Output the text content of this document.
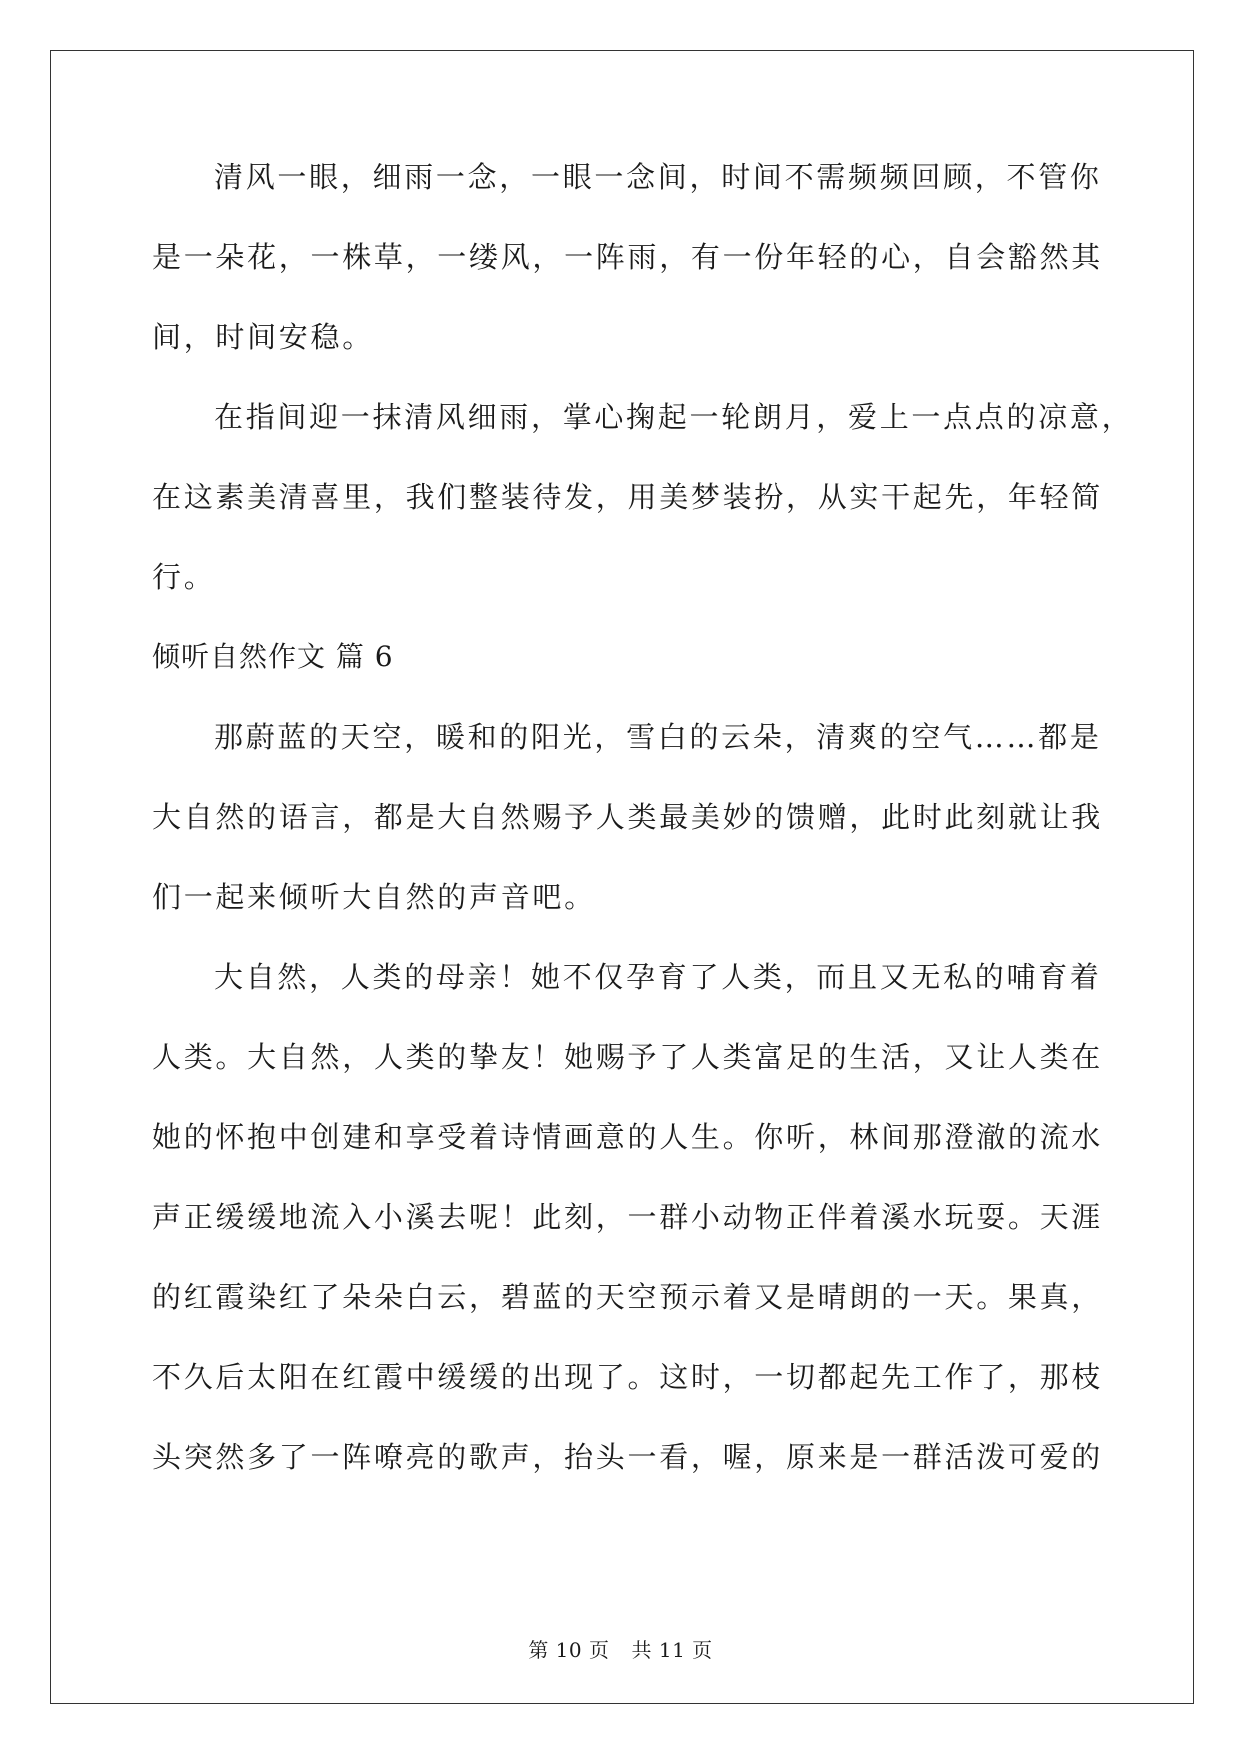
清风一眼，细雨一念，一眼一念间，时间不需频频回顾，不管你
是一朵花，一株草，一缕风，一阵雨，有一份年轻的心，自会豁然其
间，时间安稳。
在指间迎一抹清风细雨，掌心掬起一轮朗月，爱上一点点的凉意，
在这素美清喜里，我们整装待发，用美梦装扮，从实干起先，年轻简
行。
倾听自然作文 篇 6
那蔚蓝的天空，暖和的阳光，雪白的云朵，清爽的空气……都是
大自然的语言，都是大自然赐予人类最美妙的馈赠，此时此刻就让我
们一起来倾听大自然的声音吧。
大自然，人类的母亲！她不仅孕育了人类，而且又无私的哺育着
人类。大自然，人类的挚友！她赐予了人类富足的生活，又让人类在
她的怀抱中创建和享受着诗情画意的人生。你听，林间那澄澈的流水
声正缓缓地流入小溪去呢！此刻，一群小动物正伴着溪水玩耍。天涯
的红霞染红了朵朵白云，碧蓝的天空预示着又是晴朗的一天。果真，
不久后太阳在红霞中缓缓的出现了。这时，一切都起先工作了，那枝
头突然多了一阵嘹亮的歌声，抬头一看，喔，原来是一群活泼可爱的
第 10 页 共 11 页
